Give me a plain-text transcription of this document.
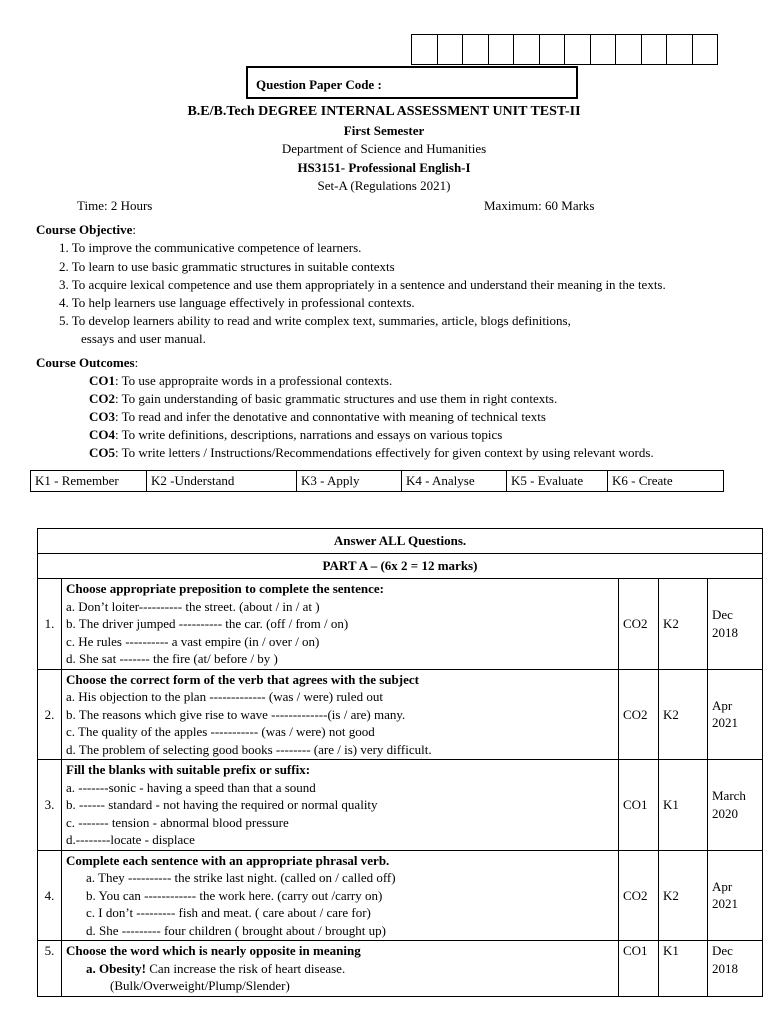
Question Paper Code :
B.E/B.Tech DEGREE INTERNAL ASSESSMENT UNIT TEST-II
First Semester
Department of Science and Humanities
HS3151- Professional English-I
Set-A (Regulations 2021)
Time: 2 Hours	Maximum: 60 Marks
Course Objective:
1. To improve the communicative competence of learners.
2. To learn to use basic grammatic structures in suitable contexts
3. To acquire lexical competence and use them appropriately in a sentence and understand their meaning in the texts.
4. To help learners use language effectively in professional contexts.
5. To develop learners ability to read and write complex text, summaries, article, blogs definitions,
essays and user manual.
Course Outcomes:
CO1: To use appropraite words in a professional contexts.
CO2: To gain understanding of basic grammatic structures and use them in right contexts.
CO3: To read and infer the denotative and connontative with meaning of technical texts
CO4: To write definitions, descriptions, narrations and essays on various topics
CO5: To write letters / Instructions/Recommendations effectively for given context by using relevant words.
K1 - Remember	K2 -Understand	K3 - Apply	K4 - Analyse	K5 - Evaluate	K6 - Create
Answer ALL Questions.				
PART A – (6x 2 = 12 marks)				
1.	Choose appropriate preposition to complete the sentence:
a. Don’t loiter---------- the street. (about / in / at )
b. The driver jumped ---------- the car. (off / from / on)
c. He rules ---------- a vast empire (in / over / on)
d. She sat ------- the fire (at/ before / by )	CO2	K2	Dec 2018
2.	Choose the correct form of the verb that agrees with the subject
a. His objection to the plan ------------- (was / were) ruled out
b. The reasons which give rise to wave -------------(is / are) many.
c. The quality of the apples ----------- (was / were) not good
d. The problem of selecting good books -------- (are / is) very difficult.	CO2	K2	Apr 2021
3.	Fill the blanks with suitable prefix or suffix:
a. -------sonic - having a speed than that a sound
b. ------ standard - not having the required or normal quality
c. ------- tension - abnormal blood pressure
d.--------locate - displace	CO1	K1	March 2020
4.	Complete each sentence with an appropriate phrasal verb.
a. They ---------- the strike last night. (called on / called off)
b. You can ------------ the work here. (carry out /carry on)
c. I don’t --------- fish and meat. ( care about / care for)
d. She --------- four children ( brought about / brought up)	CO2	K2	Apr 2021
5.	Choose the word which is nearly opposite in meaning
a. Obesity! Can increase the risk of heart disease.
(Bulk/Overweight/Plump/Slender)	CO1	K1	Dec 2018
